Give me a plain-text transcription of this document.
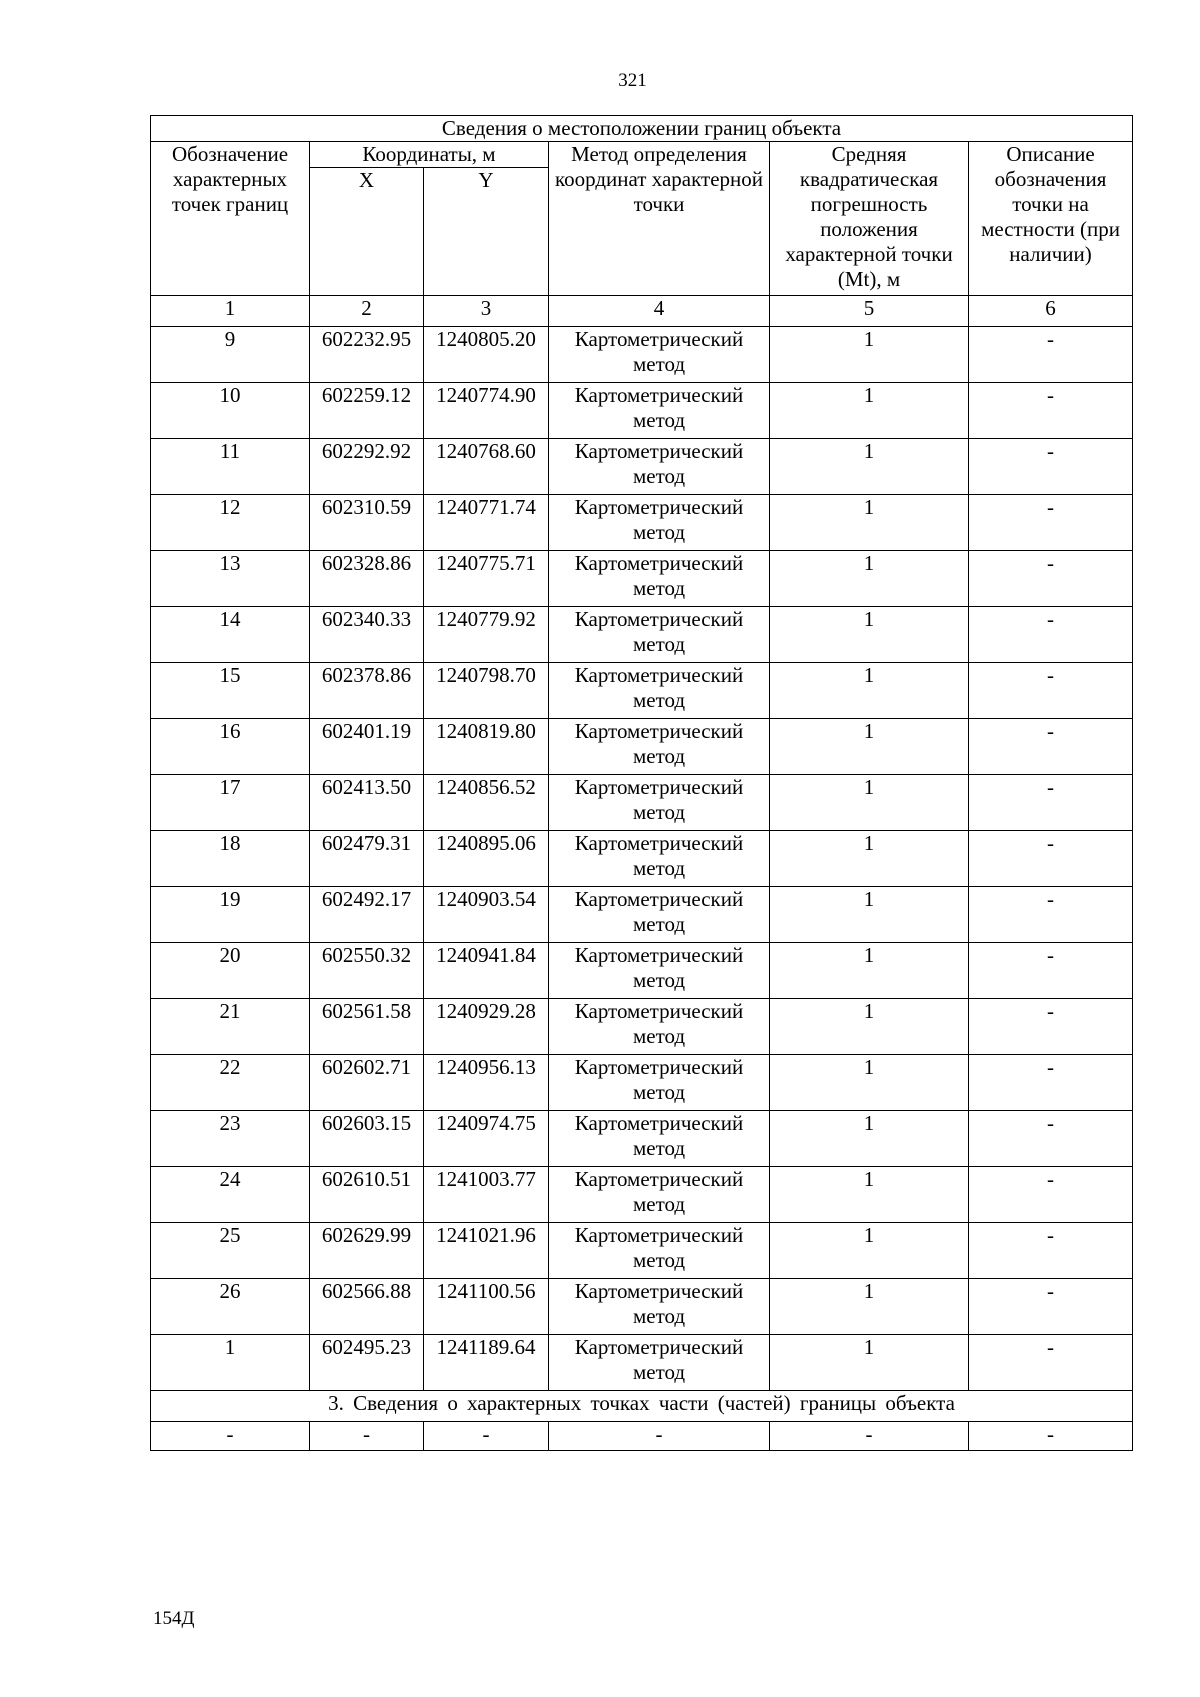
321
Сведения о местоположении границ объекта					
Обозначение характерных точек границ	Координаты, м		Метод определения координат характерной точки	Средняя квадратическая погрешность положения характерной точки (Mt), м	Описание обозначения точки на местности (при наличии)
	X	Y			
1	2	3	4	5	6
9	602232.95	1240805.20	Картометрический метод	1	-
10	602259.12	1240774.90	Картометрический метод	1	-
11	602292.92	1240768.60	Картометрический метод	1	-
12	602310.59	1240771.74	Картометрический метод	1	-
13	602328.86	1240775.71	Картометрический метод	1	-
14	602340.33	1240779.92	Картометрический метод	1	-
15	602378.86	1240798.70	Картометрический метод	1	-
16	602401.19	1240819.80	Картометрический метод	1	-
17	602413.50	1240856.52	Картометрический метод	1	-
18	602479.31	1240895.06	Картометрический метод	1	-
19	602492.17	1240903.54	Картометрический метод	1	-
20	602550.32	1240941.84	Картометрический метод	1	-
21	602561.58	1240929.28	Картометрический метод	1	-
22	602602.71	1240956.13	Картометрический метод	1	-
23	602603.15	1240974.75	Картометрический метод	1	-
24	602610.51	1241003.77	Картометрический метод	1	-
25	602629.99	1241021.96	Картометрический метод	1	-
26	602566.88	1241100.56	Картометрический метод	1	-
1	602495.23	1241189.64	Картометрический метод	1	-
3. Сведения о характерных точках части (частей) границы объекта					
-	-	-	-	-	-
154Д
